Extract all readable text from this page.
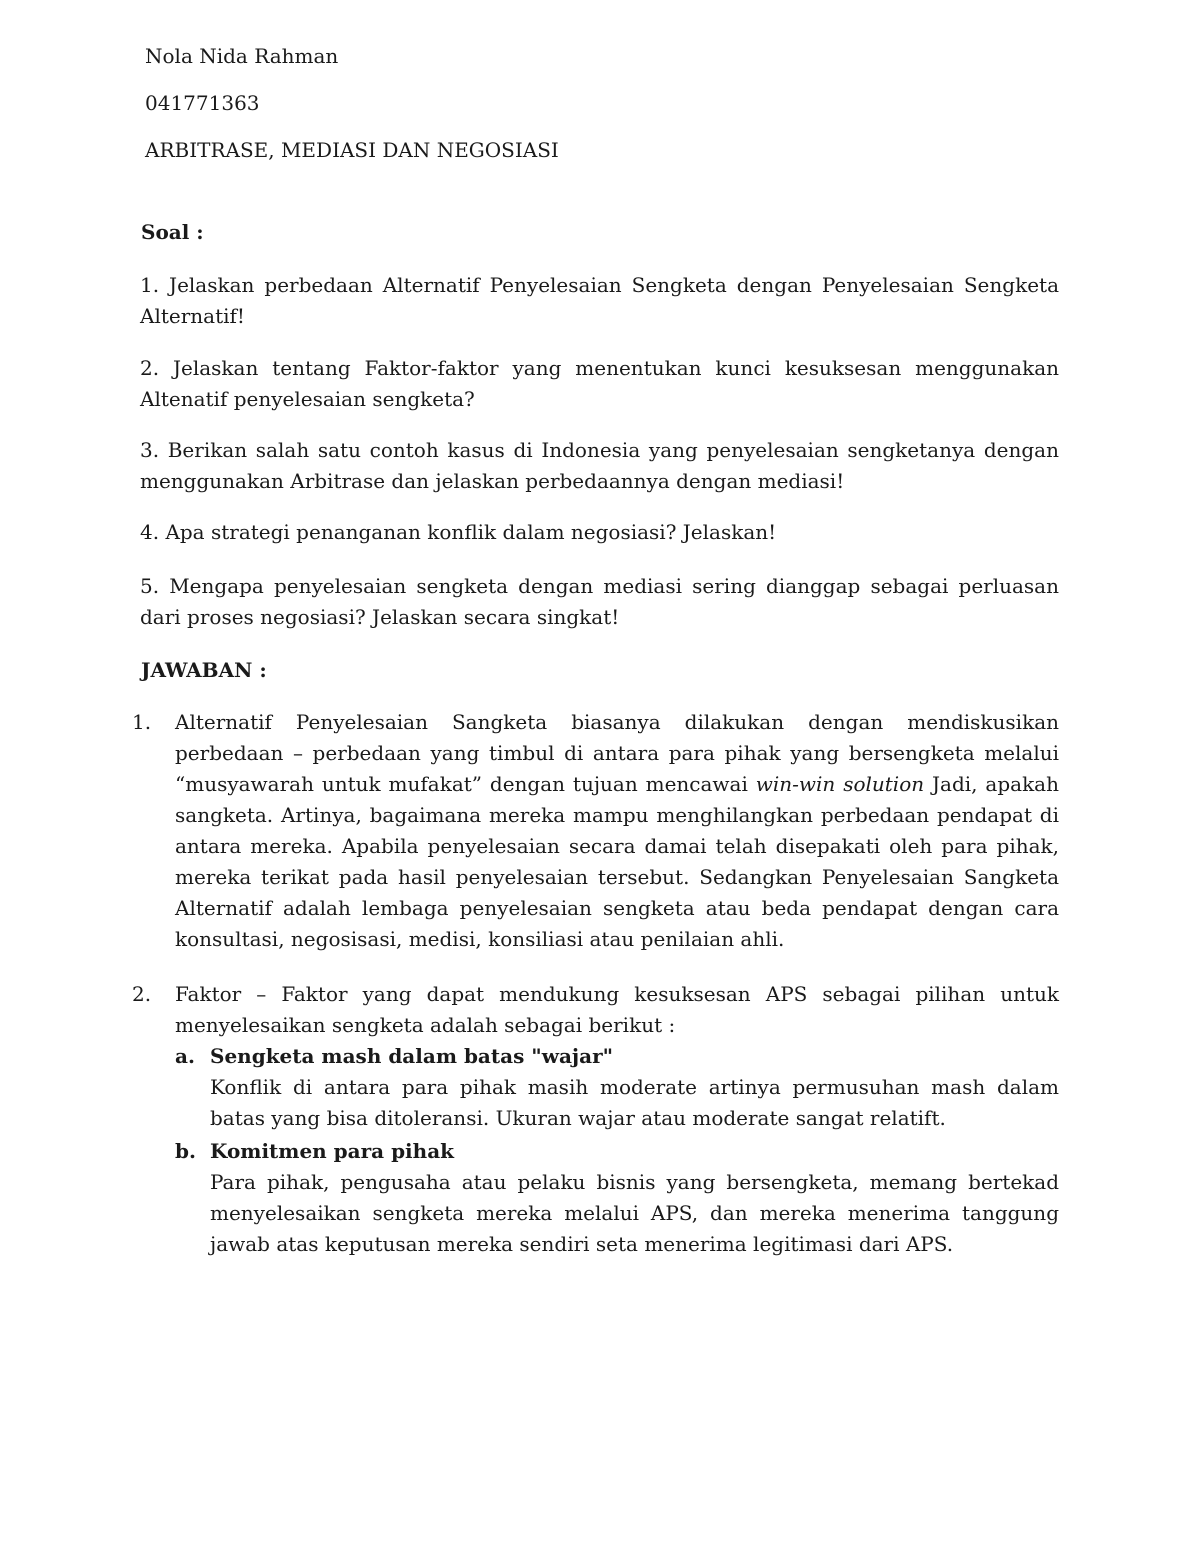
Nola Nida Rahman

041771363

ARBITRASE, MEDIASI DAN NEGOSIASI

Soal :

1. Jelaskan perbedaan Alternatif Penyelesaian Sengketa dengan Penyelesaian Sengketa Alternatif!

2. Jelaskan tentang Faktor-faktor yang menentukan kunci kesuksesan menggunakan Altenatif penyelesaian sengketa?

3. Berikan salah satu contoh kasus di Indonesia yang penyelesaian sengketanya dengan menggunakan Arbitrase dan jelaskan perbedaannya dengan mediasi!

4. Apa strategi penanganan konflik dalam negosiasi? Jelaskan!

5. Mengapa penyelesaian sengketa dengan mediasi sering dianggap sebagai perluasan dari proses negosiasi? Jelaskan secara singkat!

JAWABAN :

1. Alternatif Penyelesaian Sangketa biasanya dilakukan dengan mendiskusikan perbedaan – perbedaan yang timbul di antara para pihak yang bersengketa melalui “musyawarah untuk mufakat” dengan tujuan mencawai win-win solution Jadi, apakah sangketa. Artinya, bagaimana mereka mampu menghilangkan perbedaan pendapat di antara mereka. Apabila penyelesaian secara damai telah disepakati oleh para pihak, mereka terikat pada hasil penyelesaian tersebut. Sedangkan Penyelesaian Sangketa Alternatif adalah lembaga penyelesaian sengketa atau beda pendapat dengan cara konsultasi, negosisasi, medisi, konsiliasi atau penilaian ahli.

2. Faktor – Faktor yang dapat mendukung kesuksesan APS sebagai pilihan untuk menyelesaikan sengketa adalah sebagai berikut :

a. Sengketa mash dalam batas "wajar"

Konflik di antara para pihak masih moderate artinya permusuhan mash dalam batas yang bisa ditoleransi. Ukuran wajar atau moderate sangat relatift.

b. Komitmen para pihak

Para pihak, pengusaha atau pelaku bisnis yang bersengketa, memang bertekad menyelesaikan sengketa mereka melalui APS, dan mereka menerima tanggung jawab atas keputusan mereka sendiri seta menerima legitimasi dari APS.
